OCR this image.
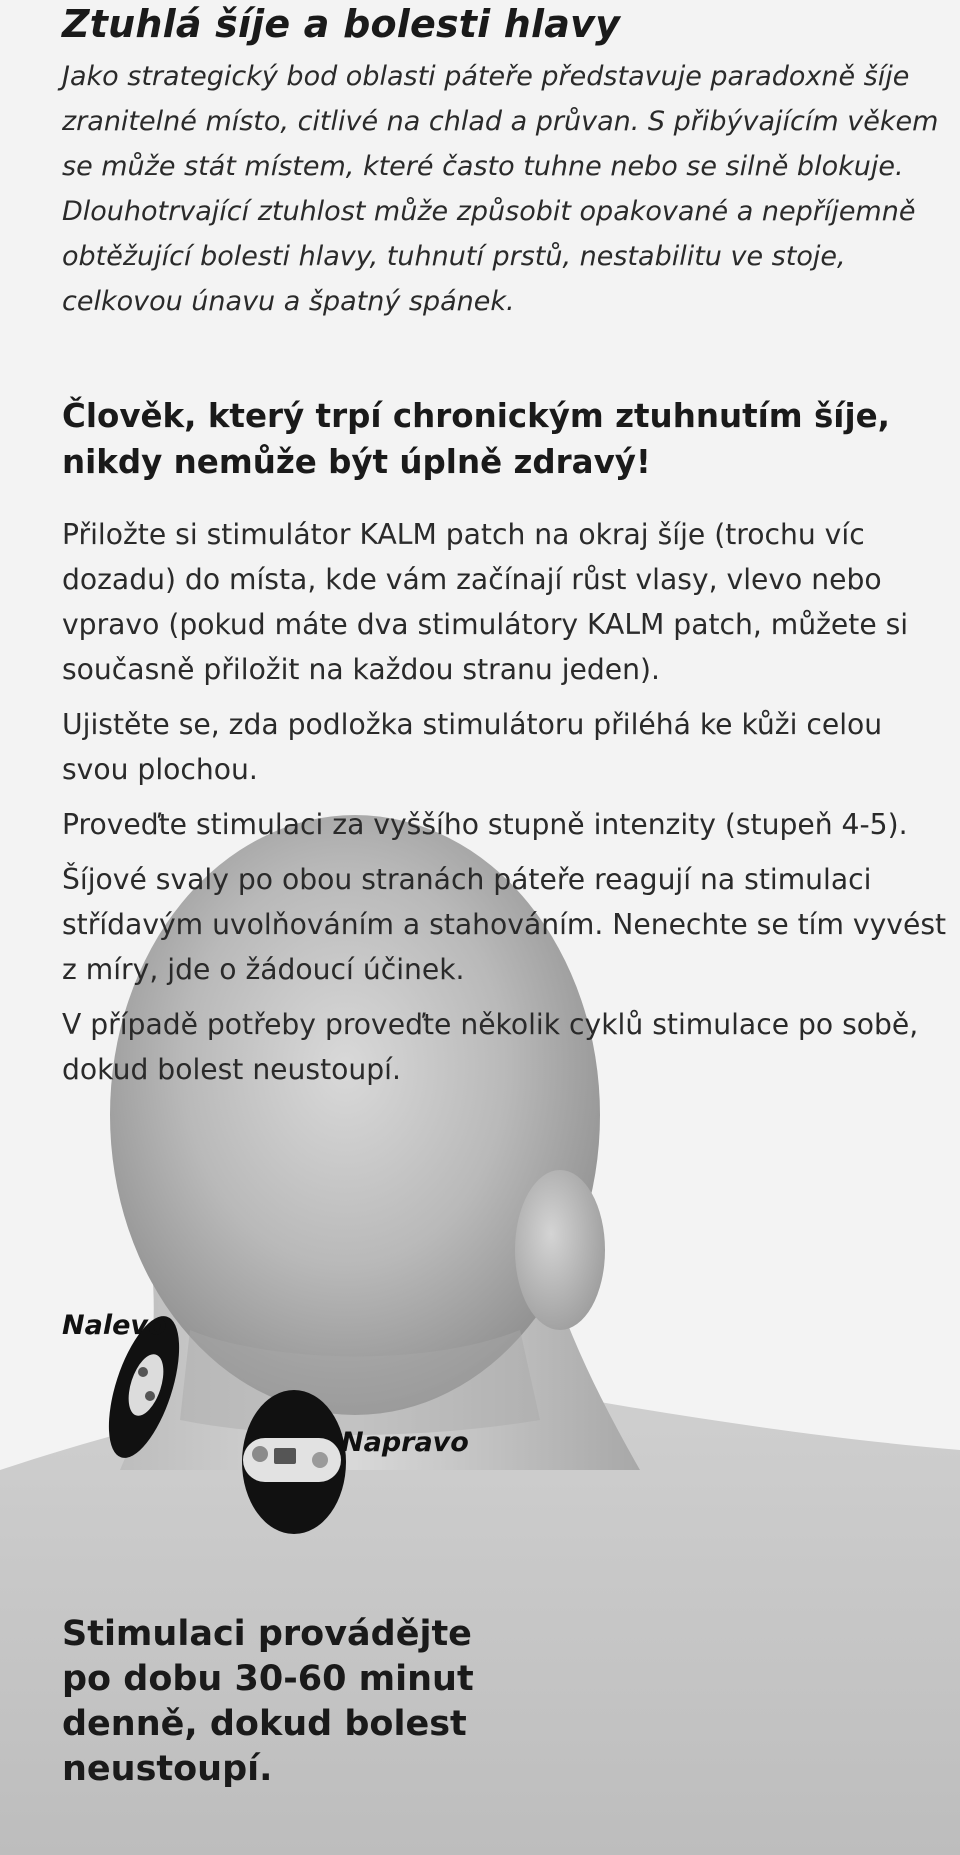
Ztuhlá šíje a bolesti hlavy

Jako strategický bod oblasti páteře představuje paradoxně šíje zranitelné místo, citlivé na chlad a průvan. S přibývajícím věkem se může stát místem, které často tuhne nebo se silně blokuje. Dlouhotrvající ztuhlost může způsobit opakované a nepříjemně obtěžující bolesti hlavy, tuhnutí prstů, nestabilitu ve stoje, celkovou únavu a špatný spánek.

Člověk, který trpí chronickým ztuhnutím šíje, nikdy nemůže být úplně zdravý!
Přiložte si stimulátor KALM patch na okraj šíje (trochu víc dozadu) do místa, kde vám začínají růst vlasy, vlevo nebo vpravo (pokud máte dva stimulátory KALM patch, můžete si současně přiložit na každou stranu jeden).
Ujistěte se, zda podložka stimulátoru přiléhá ke kůži celou svou plochou.
Proveďte stimulaci za vyššího stupně intenzity (stupeň 4-5).
Šíjové svaly po obou stranách páteře reagují na stimulaci střídavým uvolňováním a stahováním. Nenechte se tím vyvést z míry, jde o žádoucí účinek.
V případě potřeby proveďte několik cyklů stimulace po sobě, dokud bolest neustoupí.
Nalevo
Napravo

Stimulaci provádějte po dobu 30-60 minut denně, dokud bolest neustoupí.
